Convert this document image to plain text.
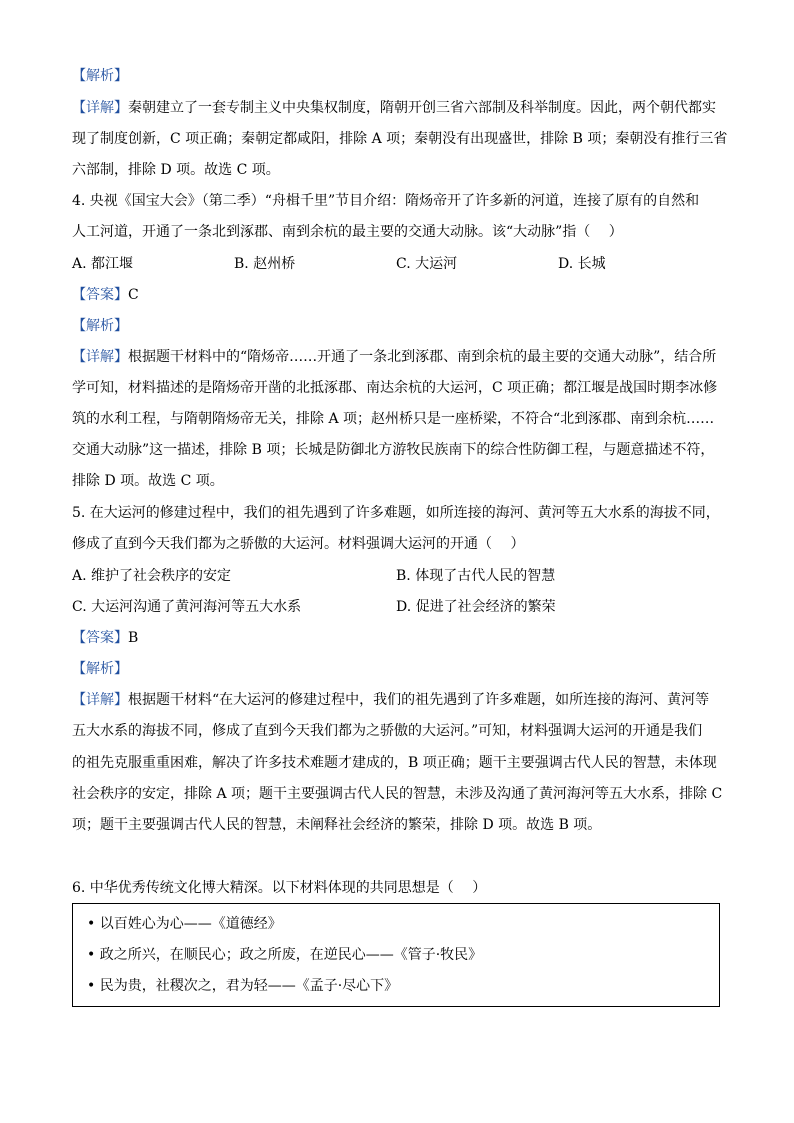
【解析】
【详解】秦朝建立了一套专制主义中央集权制度，隋朝开创三省六部制及科举制度。因此，两个朝代都实
现了制度创新，C 项正确；秦朝定都咸阳，排除 A 项；秦朝没有出现盛世，排除 B 项；秦朝没有推行三省
六部制，排除 D 项。故选 C 项。
4. 央视《国宝大会》（第二季）“舟楫千里”节目介绍：隋炀帝开了许多新的河道，连接了原有的自然和
人工河道，开通了一条北到涿郡、南到余杭的最主要的交通大动脉。该“大动脉”指（　 ）
A. 都江堰	B. 赵州桥	C. 大运河	D. 长城
【答案】C
【解析】
【详解】根据题干材料中的“隋炀帝……开通了一条北到涿郡、南到余杭的最主要的交通大动脉”，结合所
学可知，材料描述的是隋炀帝开凿的北抵涿郡、南达余杭的大运河，C 项正确；都江堰是战国时期李冰修
筑的水利工程，与隋朝隋炀帝无关，排除 A 项；赵州桥只是一座桥梁，不符合“北到涿郡、南到余杭……
交通大动脉”这一描述，排除 B 项；长城是防御北方游牧民族南下的综合性防御工程，与题意描述不符，
排除 D 项。故选 C 项。
5. 在大运河的修建过程中，我们的祖先遇到了许多难题，如所连接的海河、黄河等五大水系的海拔不同，
修成了直到今天我们都为之骄傲的大运河。材料强调大运河的开通（　 ）
A. 维护了社会秩序的安定	B. 体现了古代人民的智慧
C. 大运河沟通了黄河海河等五大水系	D. 促进了社会经济的繁荣
【答案】B
【解析】
【详解】根据题干材料“在大运河的修建过程中，我们的祖先遇到了许多难题，如所连接的海河、黄河等
五大水系的海拔不同，修成了直到今天我们都为之骄傲的大运河。”可知，材料强调大运河的开通是我们
的祖先克服重重困难，解决了许多技术难题才建成的，B 项正确；题干主要强调古代人民的智慧，未体现
社会秩序的安定，排除 A 项；题干主要强调古代人民的智慧，未涉及沟通了黄河海河等五大水系，排除 C
项；题干主要强调古代人民的智慧，未阐释社会经济的繁荣，排除 D 项。故选 B 项。
6. 中华优秀传统文化博大精深。以下材料体现的共同思想是（　 ）
• 以百姓心为心——《道德经》
• 政之所兴，在顺民心；政之所废，在逆民心——《管子·牧民》
• 民为贵，社稷次之，君为轻——《孟子·尽心下》
